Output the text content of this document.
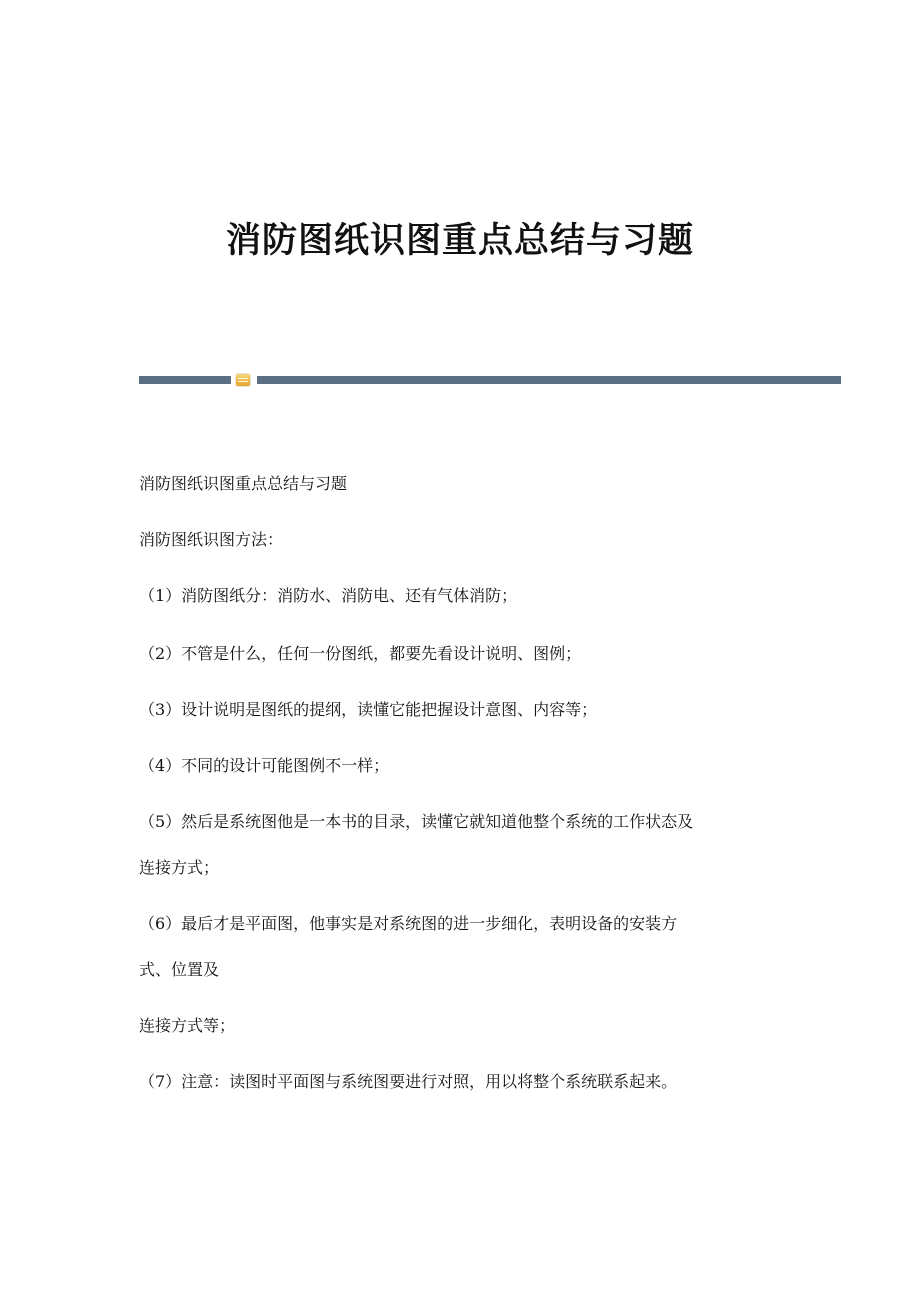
消防图纸识图重点总结与习题

消防图纸识图重点总结与习题

消防图纸识图方法：

（1）消防图纸分：消防水、消防电、还有气体消防；

（2）不管是什么，任何一份图纸，都要先看设计说明、图例；

（3）设计说明是图纸的提纲，读懂它能把握设计意图、内容等；

（4）不同的设计可能图例不一样；

（5）然后是系统图他是一本书的目录，读懂它就知道他整个系统的工作状态及

连接方式；

（6）最后才是平面图，他事实是对系统图的进一步细化，表明设备的安装方

式、位置及

连接方式等；

（7）注意：读图时平面图与系统图要进行对照，用以将整个系统联系起来。
